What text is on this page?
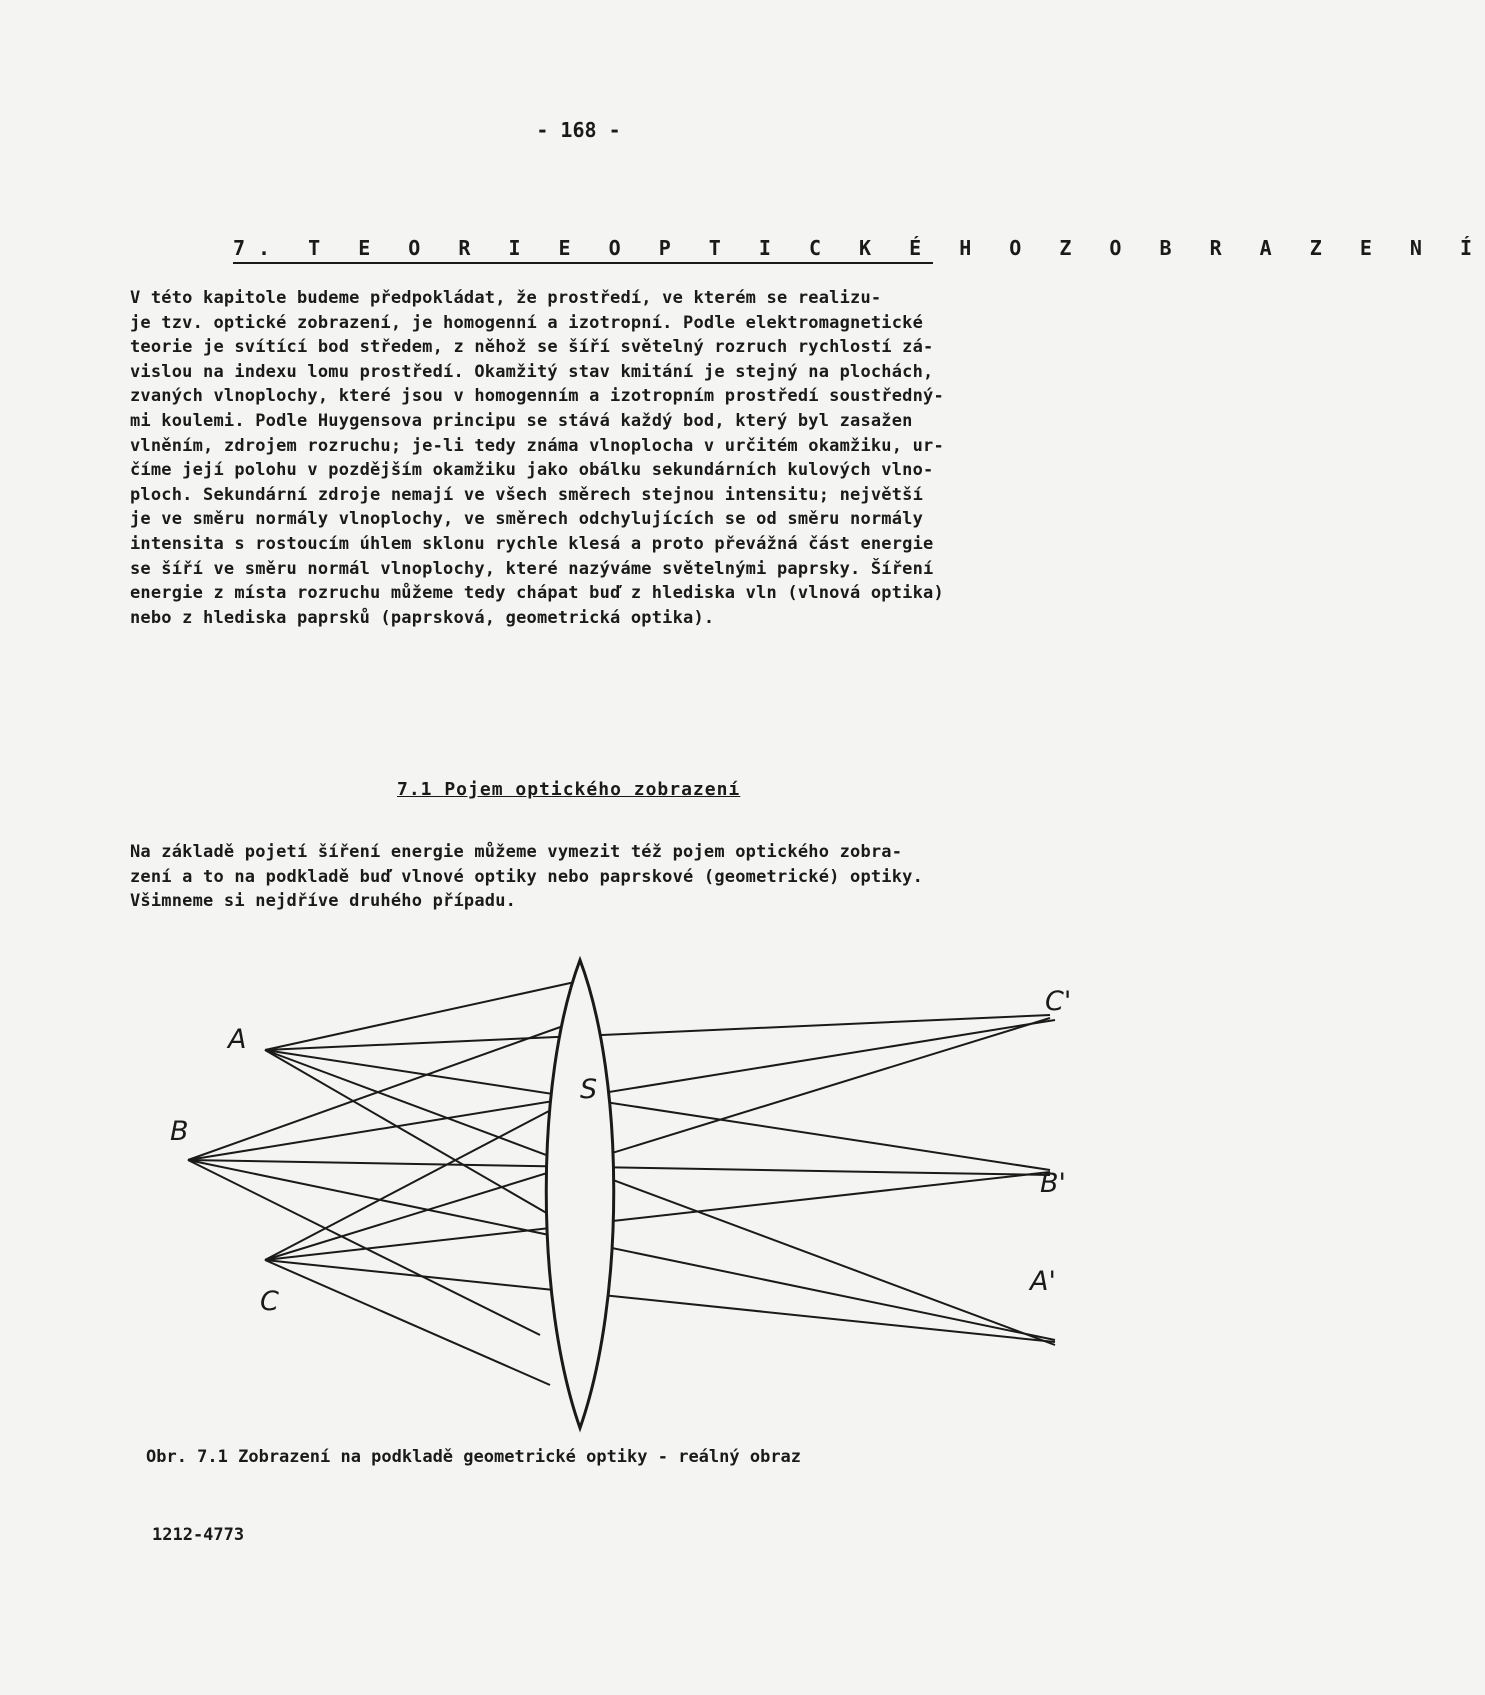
- 168 -
7. T E O R I E O P T I C K É H O Z O B R A Z E N Í
V této kapitole budeme předpokládat, že prostředí, ve kterém se realizu-
je tzv. optické zobrazení, je homogenní a izotropní. Podle elektromagnetické
teorie je svítící bod středem, z něhož se šíří světelný rozruch rychlostí zá-
vislou na indexu lomu prostředí. Okamžitý stav kmitání je stejný na plochách,
zvaných vlnoplochy, které jsou v homogenním a izotropním prostředí soustředný-
mi koulemi. Podle Huygensova principu se stává každý bod, který byl zasažen
vlněním, zdrojem rozruchu; je-li tedy známa vlnoplocha v určitém okamžiku, ur-
číme její polohu v pozdějším okamžiku jako obálku sekundárních kulových vlno-
ploch. Sekundární zdroje nemají ve všech směrech stejnou intensitu; největší
je ve směru normály vlnoplochy, ve směrech odchylujících se od směru normály
intensita s rostoucím úhlem sklonu rychle klesá a proto převážná část energie
se šíří ve směru normál vlnoplochy, které nazýváme světelnými paprsky. Šíření
energie z místa rozruchu můžeme tedy chápat buď z hlediska vln (vlnová optika)
nebo z hlediska paprsků (paprsková, geometrická optika).
7.1 Pojem optického zobrazení
Na základě pojetí šíření energie můžeme vymezit též pojem optického zobra-
zení a to na podkladě buď vlnové optiky nebo paprskové (geometrické) optiky.
Všimneme si nejdříve druhého případu.
A
B
C
S
C'
B'
A'
Obr. 7.1 Zobrazení na podkladě geometrické optiky - reálný obraz
1212-4773
